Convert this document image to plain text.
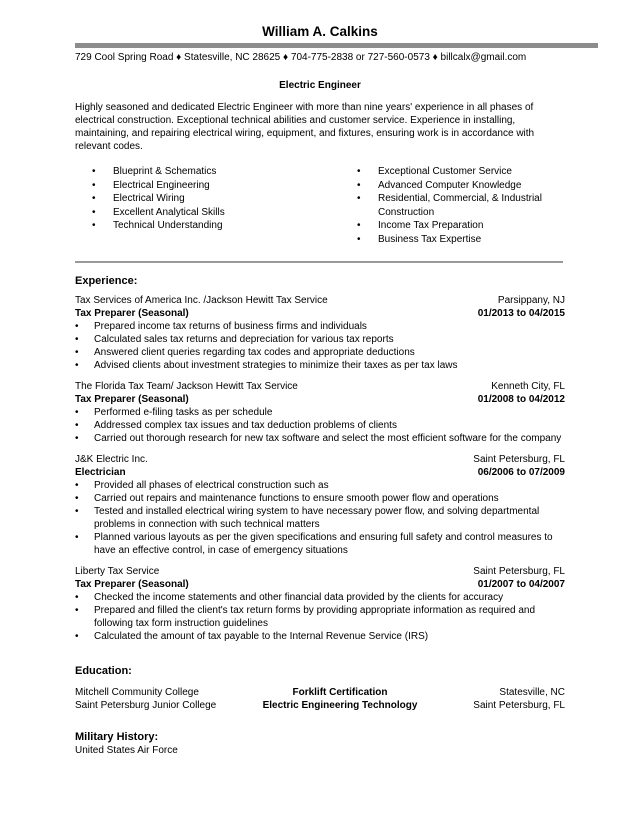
William A. Calkins
729 Cool Spring Road ♦ Statesville, NC 28625 ♦ 704-775-2838 or 727-560-0573 ♦ billcalx@gmail.com
Electric Engineer
Highly seasoned and dedicated Electric Engineer with more than nine years' experience in all phases of electrical construction. Exceptional technical abilities and customer service. Experience in installing, maintaining, and repairing electrical wiring, equipment, and fixtures, ensuring work is in accordance with relevant codes.
• Blueprint & Schematics
• Electrical Engineering
• Electrical Wiring
• Excellent Analytical Skills
• Technical Understanding
• Exceptional Customer Service
• Advanced Computer Knowledge
• Residential, Commercial, & Industrial Construction
• Income Tax Preparation
• Business Tax Expertise
Experience:
Tax Services of America Inc. /Jackson Hewitt Tax Service	Parsippany, NJ
Tax Preparer (Seasonal)	01/2013 to 04/2015
• Prepared income tax returns of business firms and individuals
• Calculated sales tax returns and depreciation for various tax reports
• Answered client queries regarding tax codes and appropriate deductions
• Advised clients about investment strategies to minimize their taxes as per tax laws
The Florida Tax Team/ Jackson Hewitt Tax Service	Kenneth City, FL
Tax Preparer (Seasonal)	01/2008 to 04/2012
• Performed e-filing tasks as per schedule
• Addressed complex tax issues and tax deduction problems of clients
• Carried out thorough research for new tax software and select the most efficient software for the company
J&K Electric Inc.	Saint Petersburg, FL
Electrician	06/2006 to 07/2009
• Provided all phases of electrical construction such as
• Carried out repairs and maintenance functions to ensure smooth power flow and operations
• Tested and installed electrical wiring system to have necessary power flow, and solving departmental problems in connection with such technical matters
• Planned various layouts as per the given specifications and ensuring full safety and control measures to have an effective control, in case of emergency situations
Liberty Tax Service	Saint Petersburg, FL
Tax Preparer (Seasonal)	01/2007 to 04/2007
• Checked the income statements and other financial data provided by the clients for accuracy
• Prepared and filled the client's tax return forms by providing appropriate information as required and following tax form instruction guidelines
• Calculated the amount of tax payable to the Internal Revenue Service (IRS)
Education:
Mitchell Community College	Forklift Certification	Statesville, NC
Saint Petersburg Junior College	Electric Engineering Technology	Saint Petersburg, FL
Military History:
United States Air Force
